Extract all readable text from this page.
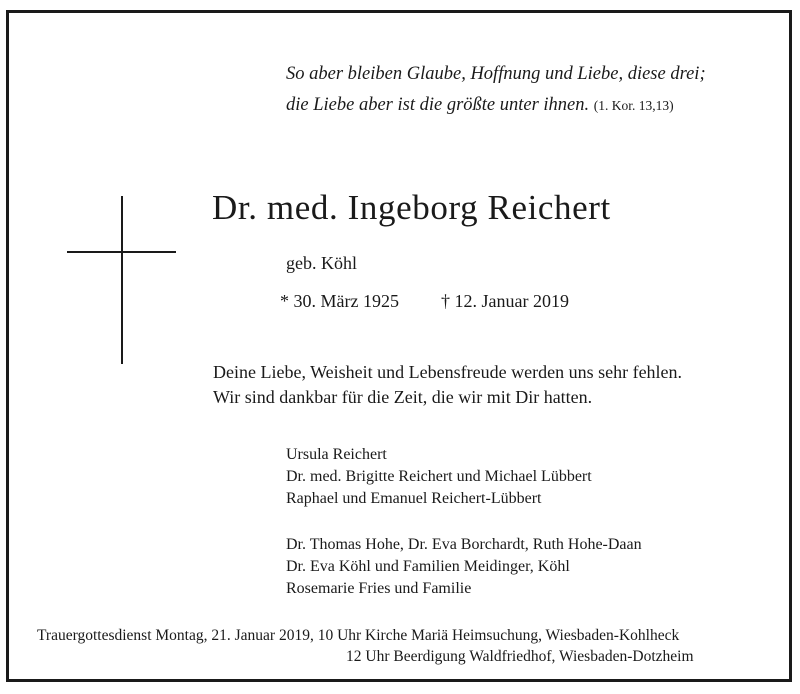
So aber bleiben Glaube, Hoffnung und Liebe, diese drei;
die Liebe aber ist die größte unter ihnen. (1. Kor. 13,13)
Dr. med. Ingeborg Reichert
geb. Köhl
* 30. März 1925 † 12. Januar 2019
Deine Liebe, Weisheit und Lebensfreude werden uns sehr fehlen.
Wir sind dankbar für die Zeit, die wir mit Dir hatten.
Ursula Reichert
Dr. med. Brigitte Reichert und Michael Lübbert
Raphael und Emanuel Reichert-Lübbert
Dr. Thomas Hohe, Dr. Eva Borchardt, Ruth Hohe-Daan
Dr. Eva Köhl und Familien Meidinger, Köhl
Rosemarie Fries und Familie
Trauergottesdienst Montag, 21. Januar 2019, 10 Uhr Kirche Mariä Heimsuchung, Wiesbaden-Kohlheck
12 Uhr Beerdigung Waldfriedhof, Wiesbaden-Dotzheim
